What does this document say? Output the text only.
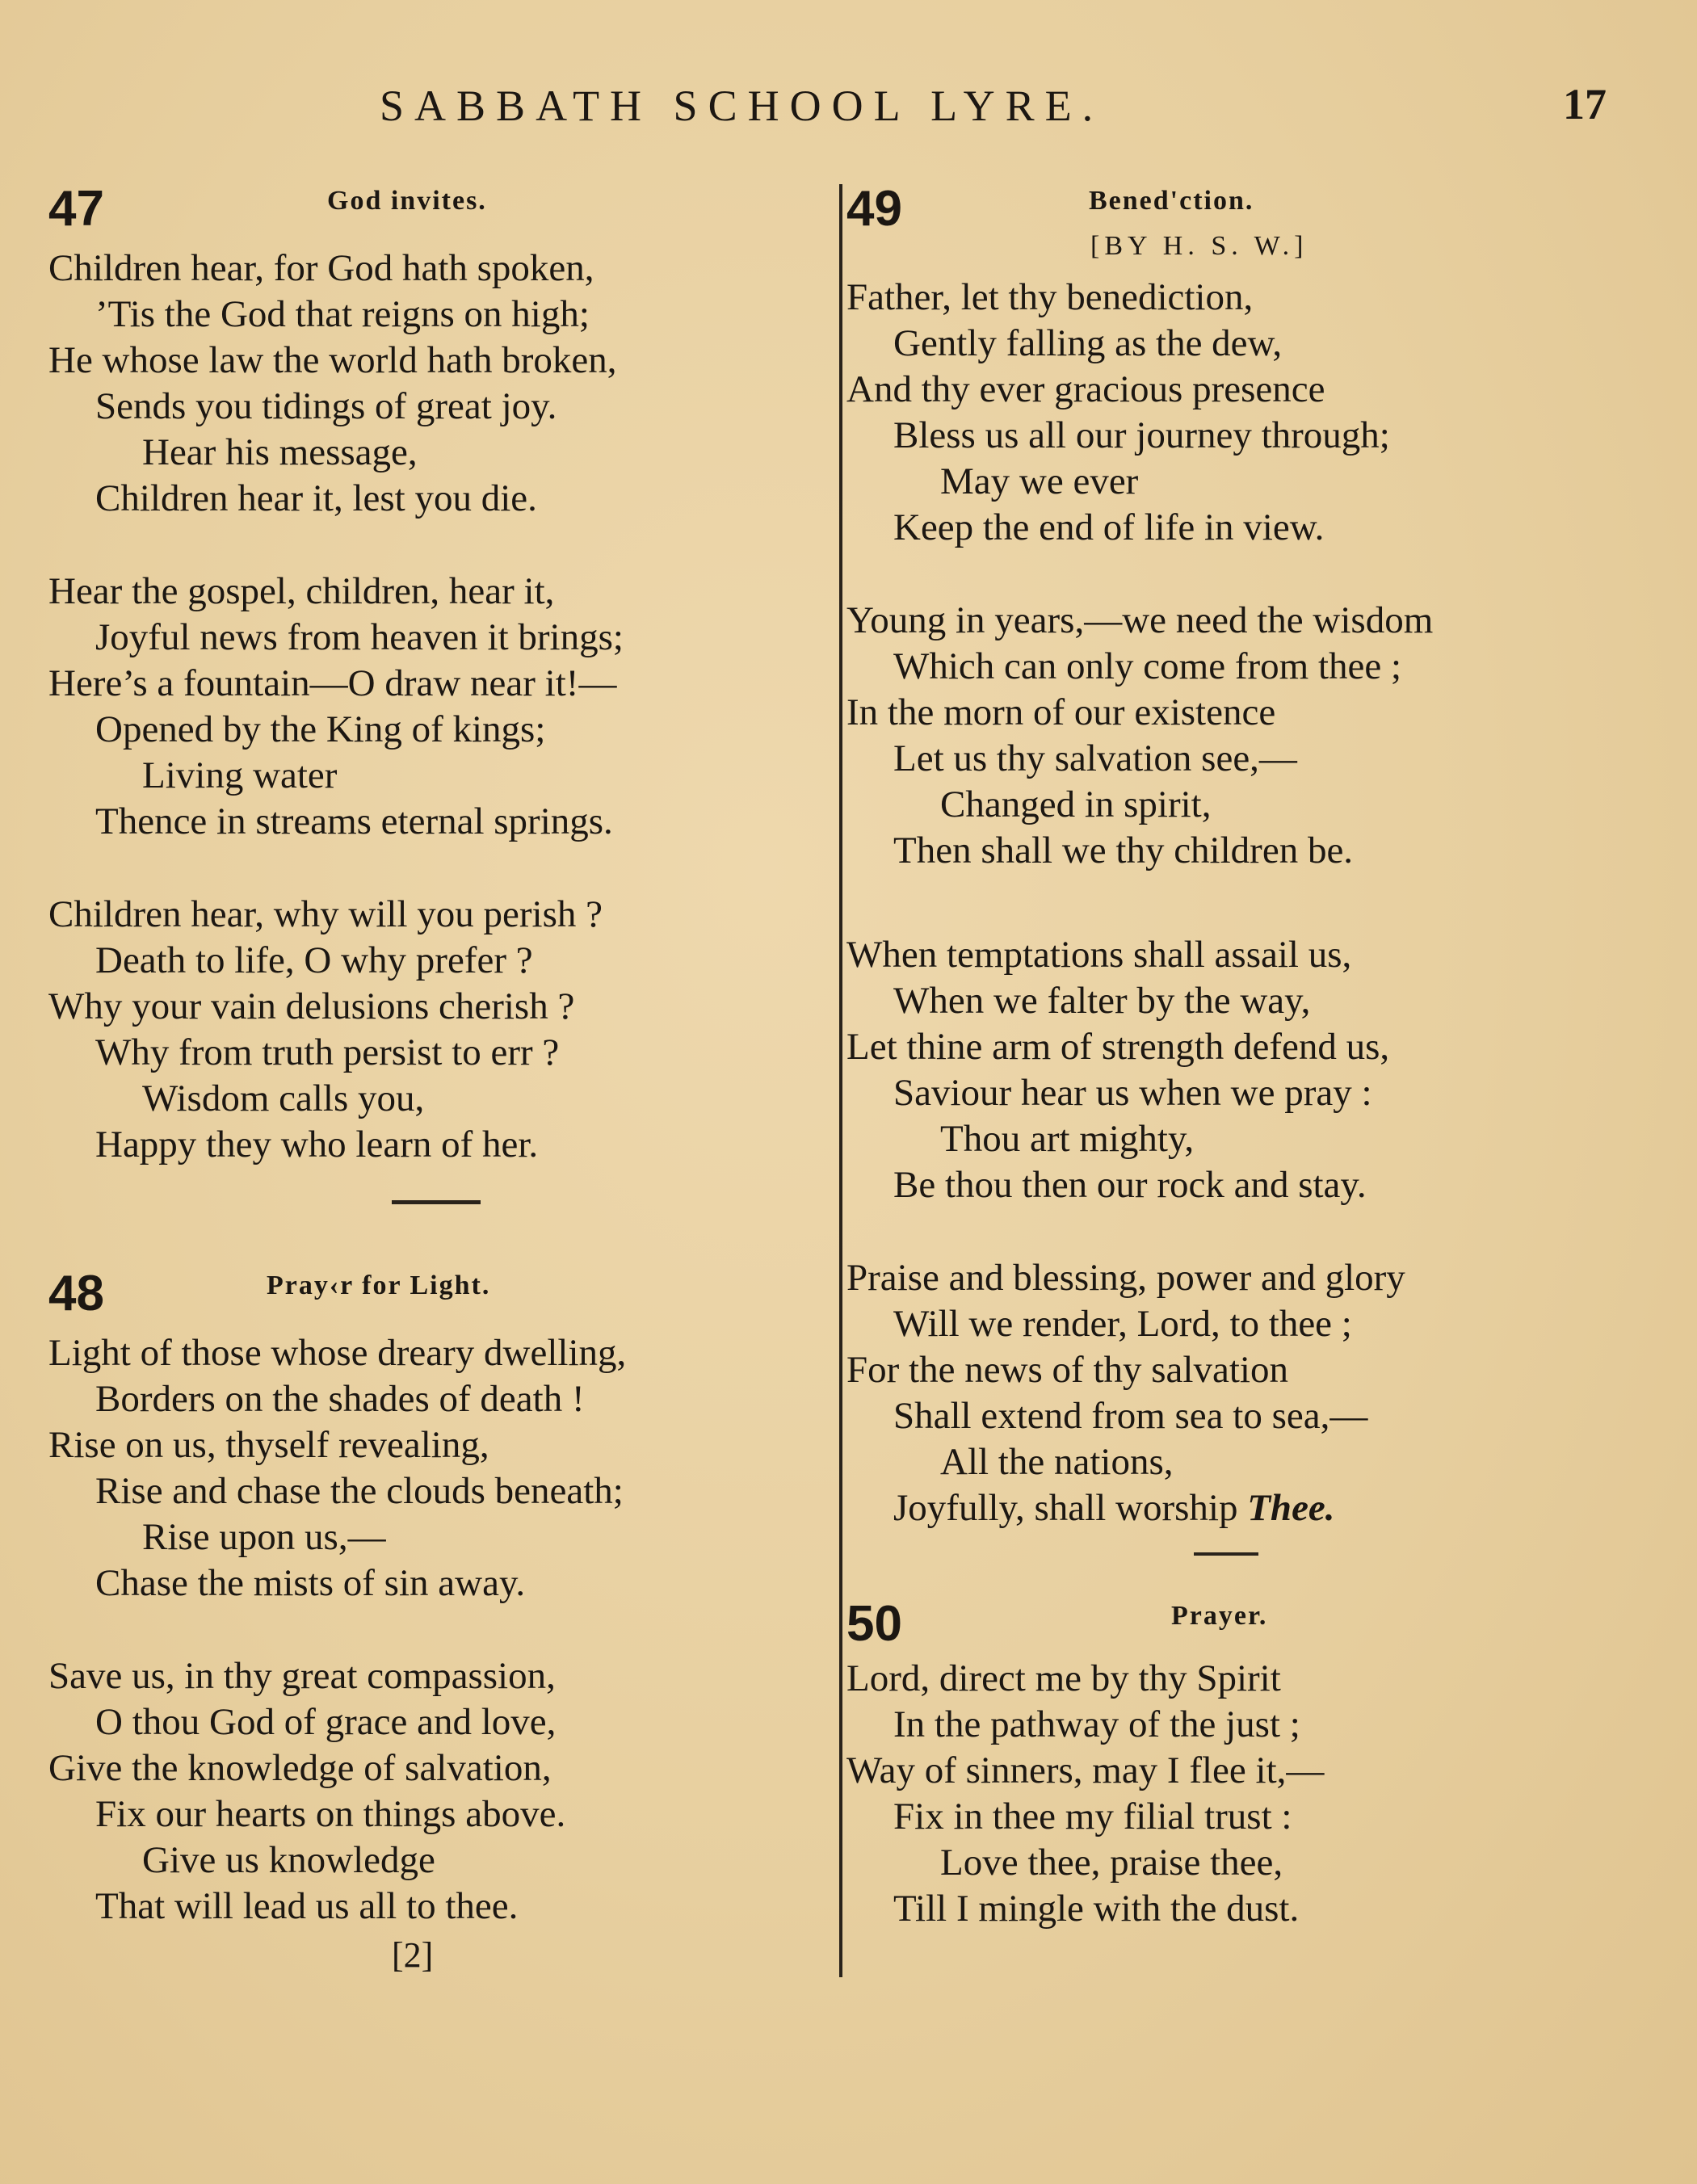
SABBATH SCHOOL LYRE.	17
47	God invites.
Children hear, for God hath spoken,
’Tis the God that reigns on high;
He whose law the world hath broken,
Sends you tidings of great joy.
Hear his message,
Children hear it, lest you die.
Hear the gospel, children, hear it,
Joyful news from heaven it brings;
Here’s a fountain—O draw near it!—
Opened by the King of kings;
Living water
Thence in streams eternal springs.
Children hear, why will you perish ?
Death to life, O why prefer ?
Why your vain delusions cherish ?
Why from truth persist to err ?
Wisdom calls you,
Happy they who learn of her.
48	Pray‹r for Light.
Light of those whose dreary dwelling,
Borders on the shades of death !
Rise on us, thyself revealing,
Rise and chase the clouds beneath;
Rise upon us,—
Chase the mists of sin away.
Save us, in thy great compassion,
O thou God of grace and love,
Give the knowledge of salvation,
Fix our hearts on things above.
Give us knowledge
That will lead us all to thee.
[2]
49	Bened'ction.
[BY H. S. W.]
Father, let thy benediction,
Gently falling as the dew,
And thy ever gracious presence
Bless us all our journey through;
May we ever
Keep the end of life in view.
Young in years,—we need the wisdom
Which can only come from thee ;
In the morn of our existence
Let us thy salvation see,—
Changed in spirit,
Then shall we thy children be.
When temptations shall assail us,
When we falter by the way,
Let thine arm of strength defend us,
Saviour hear us when we pray :
Thou art mighty,
Be thou then our rock and stay.
Praise and blessing, power and glory
Will we render, Lord, to thee ;
For the news of thy salvation
Shall extend from sea to sea,—
All the nations,
Joyfully, shall worship Thee.
50	Prayer.
Lord, direct me by thy Spirit
In the pathway of the just ;
Way of sinners, may I flee it,—
Fix in thee my filial trust :
Love thee, praise thee,
Till I mingle with the dust.
